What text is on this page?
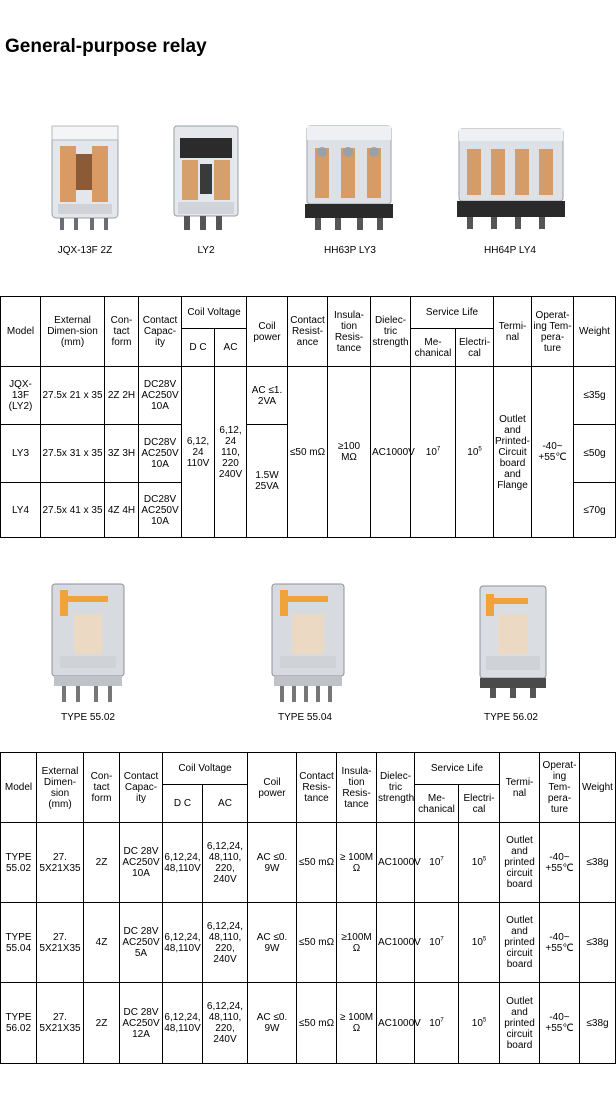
General-purpose relay
JQX-13F 2Z	LY2	HH63P LY3	HH64P LY4
Model	External Dimen-sion (mm)	Con-tact form	Contact Capac-ity	Coil Voltage		Coil power	Contact Resist-ance	Insula-tion Resis-tance	Dielec-tric strength	Service Life		Termi-nal	Operat-ing Tem-pera-ture	Weight
				D C	AC					Me-chanical	Electri-cal			
JQX-13F (LY2)	27.5x 21 x 35	2Z 2H	DC28V AC250V 10A	6,12, 24 110V	6,12, 24 110, 220 240V	AC ≤1. 2VA	≤50 mΩ	≥100 MΩ	AC1000V	$10^7$	$10^5$	Outlet and Printed-Circuit board and Flange	-40~ +55℃	≤35g
LY3	27.5x 31 x 35	3Z 3H	DC28V AC250V 10A			1.5W 25VA								≤50g
LY4	27.5x 41 x 35	4Z 4H	DC28V AC250V 10A											≤70g
TYPE 55.02	TYPE 55.04	TYPE 56.02
Model	External Dimen-sion (mm)	Con-tact form	Contact Capac-ity	Coil Voltage		Coil power	Contact Resis-tance	Insula-tion Resis-tance	Dielec-tric strength	Service Life		Termi-nal	Operat-ing Tem-pera-ture	Weight
				D C	AC					Me-chanical	Electri-cal			
TYPE 55.02	27. 5X21X35	2Z	DC 28V AC250V 10A	6,12,24, 48,110V	6,12,24, 48,110, 220, 240V	AC ≤0. 9W	≤50 mΩ	≥ 100M Ω	AC1000V	$10^7$	$10^5$	Outlet and printed circuit board	-40~ +55℃	≤38g
TYPE 55.04	27. 5X21X35	4Z	DC 28V AC250V 5A	6,12,24, 48,110V	6,12,24, 48,110, 220, 240V	AC ≤0. 9W	≤50 mΩ	≥100M Ω	AC1000V	$10^7$	$10^5$	Outlet and printed circuit board	-40~ +55℃	≤38g
TYPE 56.02	27. 5X21X35	2Z	DC 28V AC250V 12A	6,12,24, 48,110V	6,12,24, 48,110, 220, 240V	AC ≤0. 9W	≤50 mΩ	≥ 100M Ω	AC1000V	$10^7$	$10^5$	Outlet and printed circuit board	-40~ +55℃	≤38g
